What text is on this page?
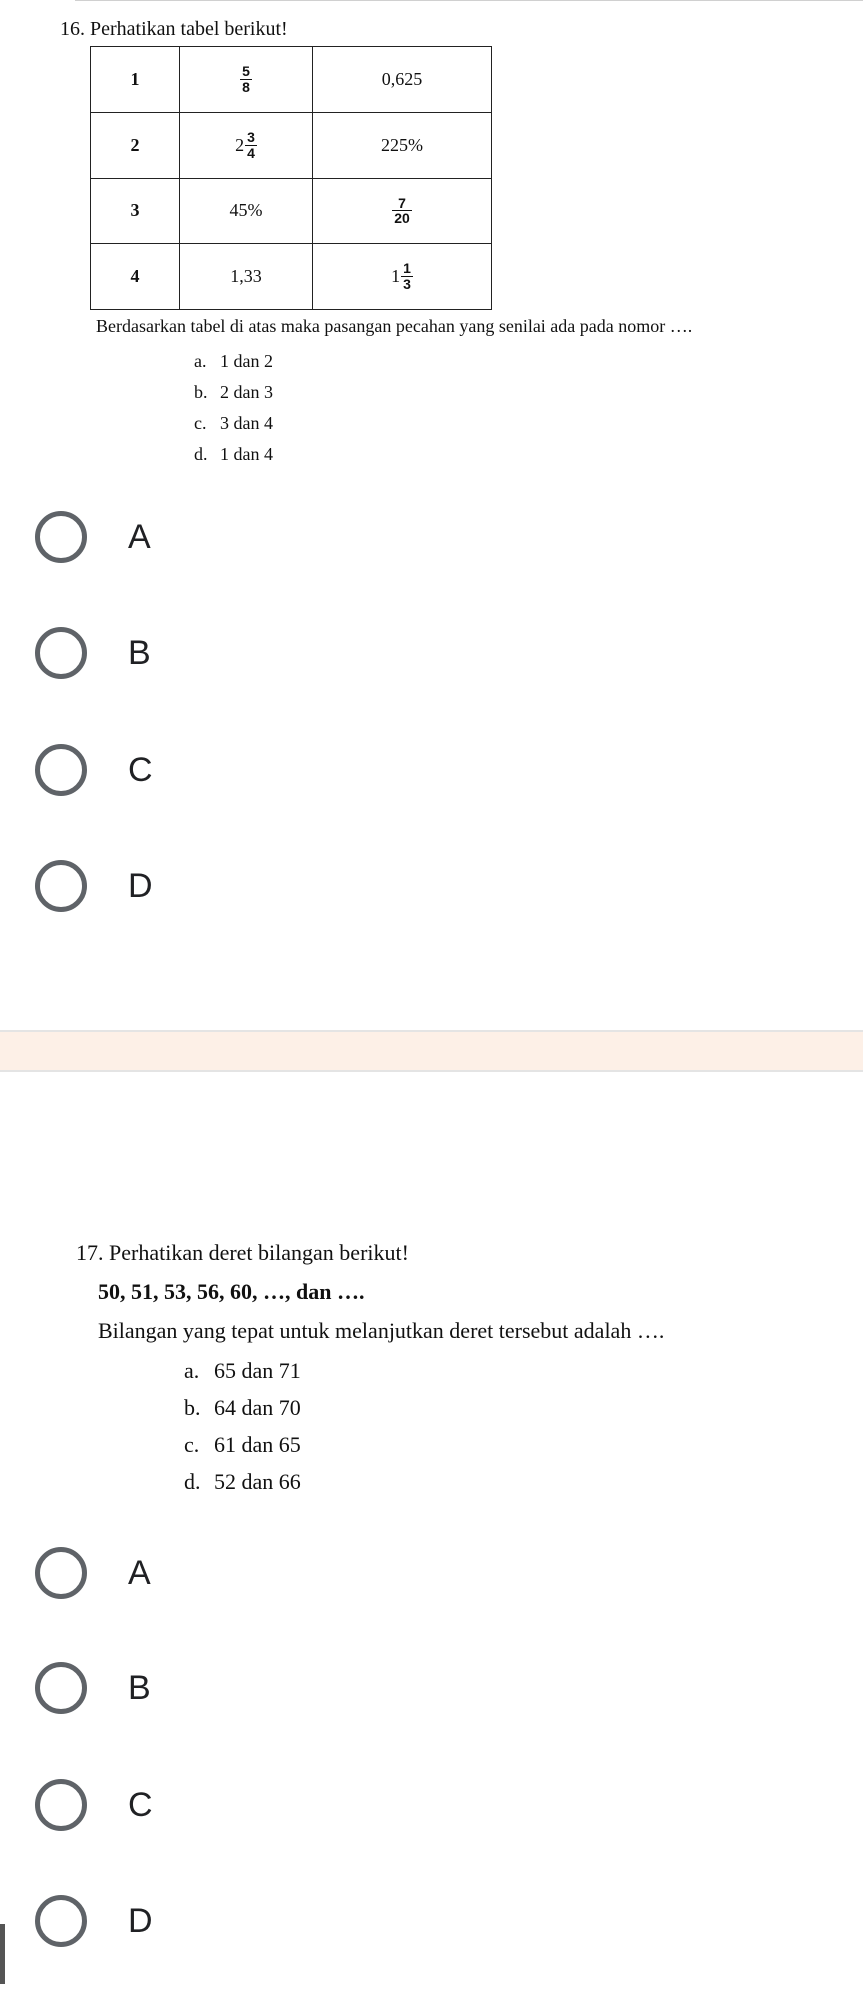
16. Perhatikan tabel berikut!
1	$\frac{5}{8}$	0,625
2	$2 \frac{3}{4}$	225%
3	45%	$\frac{7}{20}$

4	1,33	$1 \frac{1}{3}$
Berdasarkan tabel di atas maka pasangan pecahan yang senilai ada pada nomor ….
a. 1 dan 2
b. 2 dan 3
c. 3 dan 4
d. 1 dan 4
A
B
C
D
17. Perhatikan deret bilangan berikut!
50, 51, 53, 56, 60, …, dan ….
Bilangan yang tepat untuk melanjutkan deret tersebut adalah ….
a. 65 dan 71
b. 64 dan 70
c. 61 dan 65
d. 52 dan 66
A
B
C
D
